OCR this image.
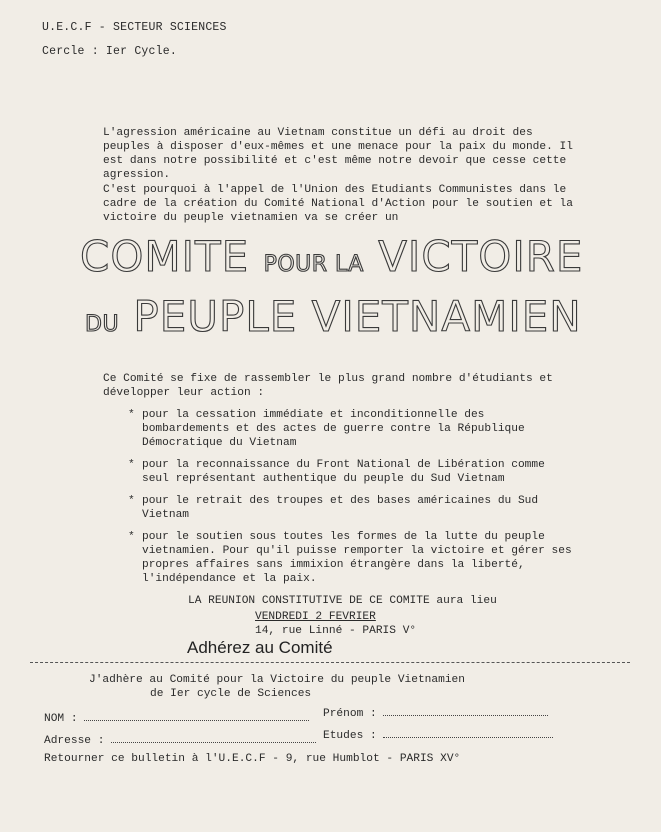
U.E.C.F - SECTEUR SCIENCES
Cercle : Ier Cycle.

L'agression américaine au Vietnam constitue un défi au droit des peuples à disposer d'eux-mêmes et une menace pour la paix du monde. Il est dans notre possibilité et c'est même notre devoir que cesse cette agression.

C'est pourquoi à l'appel de l'Union des Etudiants Communistes dans le cadre de la création du Comité National d'Action pour le soutien et la victoire du peuple vietnamien va se créer un

COMITE POUR LA VICTOIRE
DU PEUPLE VIETNAMIEN

Ce Comité se fixe de rassembler le plus grand nombre d'étudiants et développer leur action :

* pour la cessation immédiate et inconditionnelle des bombardements et des actes de guerre contre la République Démocratique du Vietnam
* pour la reconnaissance du Front National de Libération comme seul représentant authentique du peuple du Sud Vietnam
* pour le retrait des troupes et des bases américaines du Sud Vietnam
* pour le soutien sous toutes les formes de la lutte du peuple vietnamien. Pour qu'il puisse remporter la victoire et gérer ses propres affaires sans immixion étrangère dans la liberté, l'indépendance et la paix.
LA REUNION CONSTITUTIVE DE CE COMITE aura lieu
VENDREDI 2 FEVRIER
14, rue Linné - PARIS V°
Adhérez au Comité
J'adhère au Comité pour la Victoire du peuple Vietnamien
de Ier cycle de Sciences
NOM :	Prénom :
Adresse :	Etudes :
Retourner ce bulletin à l'U.E.C.F - 9, rue Humblot - PARIS XV°
